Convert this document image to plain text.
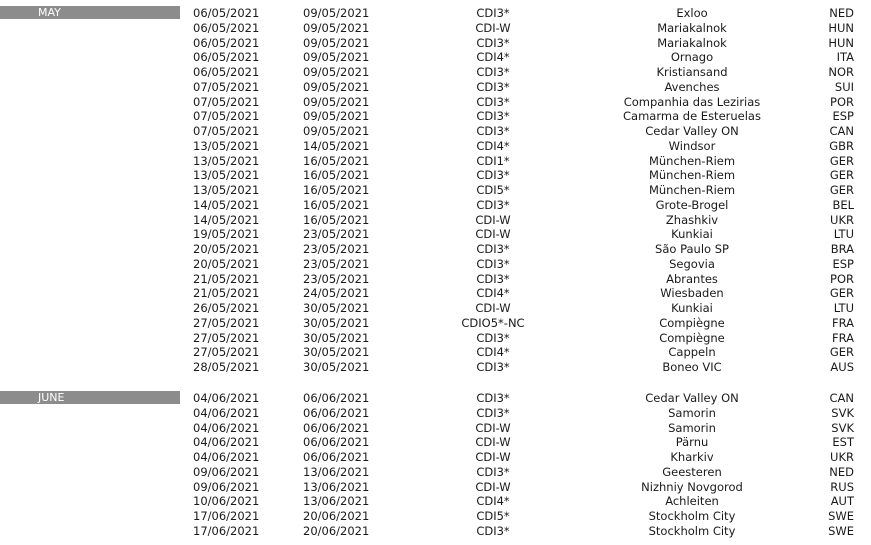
MAY	06/05/2021	09/05/2021	CDI3*	Exloo	NED
06/05/2021	09/05/2021	CDI-W	Mariakalnok	HUN
06/05/2021	09/05/2021	CDI3*	Mariakalnok	HUN
06/05/2021	09/05/2021	CDI4*	Ornago	ITA
06/05/2021	09/05/2021	CDI3*	Kristiansand	NOR
07/05/2021	09/05/2021	CDI3*	Avenches	SUI
07/05/2021	09/05/2021	CDI3*	Companhia das Lezirias	POR
07/05/2021	09/05/2021	CDI3*	Camarma de Esteruelas	ESP
07/05/2021	09/05/2021	CDI3*	Cedar Valley ON	CAN
13/05/2021	14/05/2021	CDI4*	Windsor	GBR
13/05/2021	16/05/2021	CDI1*	München-Riem	GER
13/05/2021	16/05/2021	CDI3*	München-Riem	GER
13/05/2021	16/05/2021	CDI5*	München-Riem	GER
14/05/2021	16/05/2021	CDI3*	Grote-Brogel	BEL
14/05/2021	16/05/2021	CDI-W	Zhashkiv	UKR
19/05/2021	23/05/2021	CDI-W	Kunkiai	LTU
20/05/2021	23/05/2021	CDI3*	São Paulo SP	BRA
20/05/2021	23/05/2021	CDI3*	Segovia	ESP
21/05/2021	23/05/2021	CDI3*	Abrantes	POR
21/05/2021	24/05/2021	CDI4*	Wiesbaden	GER
26/05/2021	30/05/2021	CDI-W	Kunkiai	LTU
27/05/2021	30/05/2021	CDIO5*-NC	Compiègne	FRA
27/05/2021	30/05/2021	CDI3*	Compiègne	FRA
27/05/2021	30/05/2021	CDI4*	Cappeln	GER
28/05/2021	30/05/2021	CDI3*	Boneo VIC	AUS
JUNE	04/06/2021	06/06/2021	CDI3*	Cedar Valley ON	CAN
04/06/2021	06/06/2021	CDI3*	Samorin	SVK
04/06/2021	06/06/2021	CDI-W	Samorin	SVK
04/06/2021	06/06/2021	CDI-W	Pärnu	EST
04/06/2021	06/06/2021	CDI-W	Kharkiv	UKR
09/06/2021	13/06/2021	CDI3*	Geesteren	NED
09/06/2021	13/06/2021	CDI-W	Nizhniy Novgorod	RUS
10/06/2021	13/06/2021	CDI4*	Achleiten	AUT
17/06/2021	20/06/2021	CDI5*	Stockholm City	SWE
17/06/2021	20/06/2021	CDI3*	Stockholm City	SWE
